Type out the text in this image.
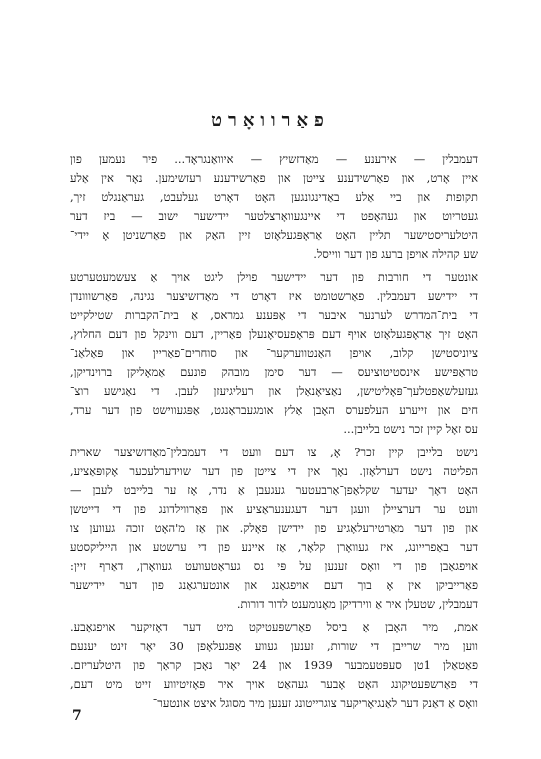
פאַרוואָרט
דעמבלין — אירענע — מאַדזשיץ — איוואַנגראָד... פיר נעמען פון
איין אָרט, און פאַרשידענע צייטן און פאַרשידענע רעזשימען. נאָר אין אַלע
תקופות און ביי אַלע באַדינגונגען האָט דאָרט געלעבט, געראַנגלט זיך,
געטריוט און געהאָפט די איינגעוואָרצלטער יידישער ישוב — ביז דער
היטלעריסטישער תליין האָט אַראָפּגעלאָזט זיין האַק און פאַרשניטן אָ יידי־
שע קהילה אויפן ברעג פון דער ווייסל.
אונטער די חורבות פון דער יידישער פוילן ליגט אויך אַ צעשמעטערטע
די יידישע דעמבלין. פאַרשטומט איז דאָרט די מאַדזשיצער נגינה, פאַרשווונדן
די בית־המדרש לערנער איבער די אַפּענע גמראס, אַ בית־הקברות שטילקייט
האָט זיך אַראָפּגעלאָזט אויף דעם פּראָפעסיאָנעלן פאַריין, דעם ווינקל פון דעם החלוץ,
ציוניסטישן קלוב, אויפן האַנטווערקער־ און סוחרים־פאַריין און פּאַלאַנ־
טראַפּישע אינסטיטוציעס — דער סימן מובהק פונעם אַמאָליקן ברוינדיקן,
געזעלשאַפטלעך־פּאָליטישן, נאַציאָנאַלן און רעליגיעזן לעבן. די נאַגישע רוצ־
חים און זייערע העלפערס האָבן אַלץ אומגעבראַנגט, אַפּגעווישט פון דער ערד,
עס זאָל קיין זכר נישט בלייבן...
נישט בלייבן קיין זכר? אָ, צו דעם וועט די דעמבלין־מאַדזשיצער שארית
הפליטה נישט דערלאָזן. נאָך אין די צייטן פון דער שוידערלעכער אָקופּאַציע,
האָט דאָך יעדער שקלאַפן־אַרבעטער געגעבן אַ נדר, אָז ער בלייבט לעבן —
וועט ער דערציילן וועגן דער דעגענעראַציע און פאַרווילדונג פון די דייטשן
און פון דער מאַרטירעלאָגיע פון יידישן פאָלק. און אַז מ'האָט זוכה געווען צו
דער באַפרייונג, איז געוואָרן קלאָר, אַז איינע פון די ערשטע און הייליקסטע
אויפגאַבן פון די וואָס זענען על פּי נס געראַטעוועט געוואָרן, דאַרף זיין:
פאַרייביקן אין אָ בוך דעם אויפגאַנג און אונטערגאַנג פון דער יידישער
דעמבלין, שטעלן איר אַ ווירדיקן מאָנומענט לדור דורות.
אמת, מיר האָבן אַ ביסל פאַרשפּעטיקט מיט דער דאָזיקער אויפגאַבע.
ווען מיר שרייבן די שורות, זענען געווע אַפּגעלאָפן 30 יאָר זינט יענעם
פאַטאַלן 1טן סעפּטעמבער 1939 און 24 יאָר נאָכן קראַך פון היטלעריזם.
די פאַרשפּעטיקונג האָט אָבער געהאַט אויך איר פּאָזיטיווע זייט מיט דעם,
וואָס אַ דאַנק דער לאַנגיאָריקער צוגרייטונג זענען מיר מסוגל איצט אונטער־
7
